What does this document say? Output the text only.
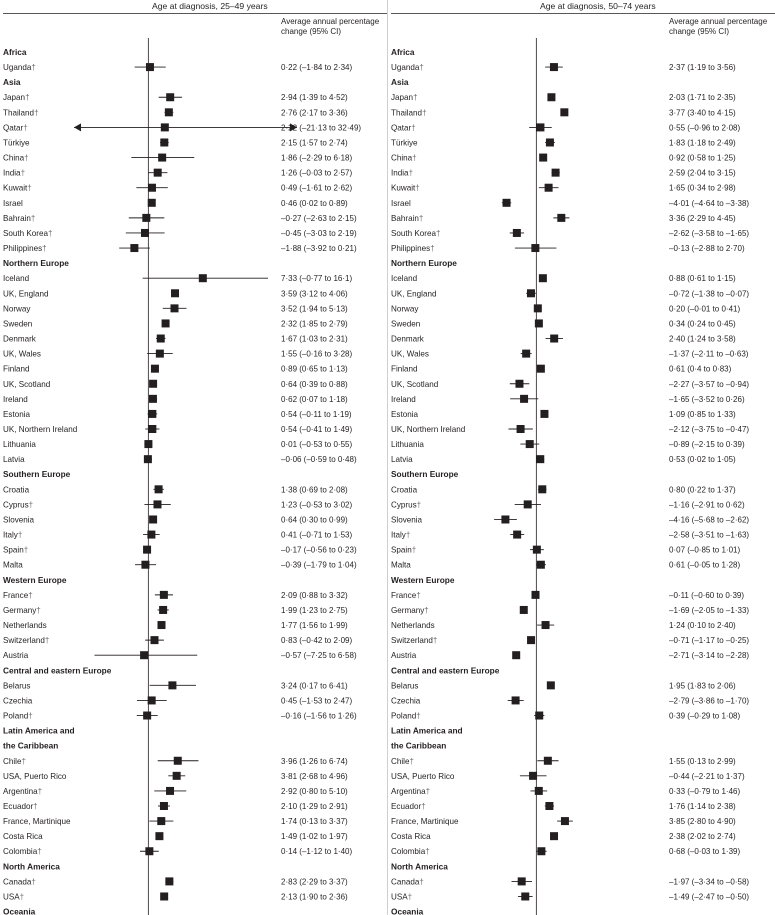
Age at diagnosis, 25–49 years
Average annual percentage
change (95% CI)
Africa
Uganda†	0·22 (–1·84 to 2·34)
Asia
Japan†	2·94 (1·39 to 4·52)
Thailand†	2·76 (2·17 to 3·36)
Qatar†	2·22 (–21·13 to 32·49)
Türkiye	2·15 (1·57 to 2·74)
China†	1·86 (–2·29 to 6·18)
India†	1·26 (–0·03 to 2·57)
Kuwait†	0·49 (–1·61 to 2·62)
Israel	0·46 (0·02 to 0·89)
Bahrain†	–0·27 (–2·63 to 2·15)
South Korea†	–0·45 (–3·03 to 2·19)
Philippines†	–1·88 (–3·92 to 0·21)
Northern Europe
Iceland	7·33 (–0·77 to 16·1)
UK, England	3·59 (3·12 to 4·06)
Norway	3·52 (1·94 to 5·13)
Sweden	2·32 (1·85 to 2·79)
Denmark	1·67 (1·03 to 2·31)
UK, Wales	1·55 (–0·16 to 3·28)
Finland	0·89 (0·65 to 1·13)
UK, Scotland	0·64 (0·39 to 0·88)
Ireland	0·62 (0·07 to 1·18)
Estonia	0·54 (–0·11 to 1·19)
UK, Northern Ireland	0·54 (–0·41 to 1·49)
Lithuania	0·01 (–0·53 to 0·55)
Latvia	–0·06 (–0·59 to 0·48)
Southern Europe
Croatia	1·38 (0·69 to 2·08)
Cyprus†	1·23 (–0·53 to 3·02)
Slovenia	0·64 (0·30 to 0·99)
Italy†	0·41 (–0·71 to 1·53)
Spain†	–0·17 (–0·56 to 0·23)
Malta	–0·39 (–1·79 to 1·04)
Western Europe
France†	2·09 (0·88 to 3·32)
Germany†	1·99 (1·23 to 2·75)
Netherlands	1·77 (1·56 to 1·99)
Switzerland†	0·83 (–0·42 to 2·09)
Austria	–0·57 (–7·25 to 6·58)
Central and eastern Europe
Belarus	3·24 (0·17 to 6·41)
Czechia	0·45 (–1·53 to 2·47)
Poland†	–0·16 (–1·56 to 1·26)
Latin America and
the Caribbean
Chile†	3·96 (1·26 to 6·74)
USA, Puerto Rico	3·81 (2·68 to 4·96)
Argentina†	2·92 (0·80 to 5·10)
Ecuador†	2·10 (1·29 to 2·91)
France, Martinique	1·74 (0·13 to 3·37)
Costa Rica	1·49 (1·02 to 1·97)
Colombia†	0·14 (–1·12 to 1·40)
North America
Canada†	2·83 (2·29 to 3·37)
USA†	2·13 (1·90 to 2·36)
Oceania
Age at diagnosis, 50–74 years
Average annual percentage
change (95% CI)
Africa
Uganda†	2·37 (1·19 to 3·56)
Asia
Japan†	2·03 (1·71 to 2·35)
Thailand†	3·77 (3·40 to 4·15)
Qatar†	0·55 (–0·96 to 2·08)
Türkiye	1·83 (1·18 to 2·49)
China†	0·92 (0·58 to 1·25)
India†	2·59 (2·04 to 3·15)
Kuwait†	1·65 (0·34 to 2·98)
Israel	–4·01 (–4·64 to –3·38)
Bahrain†	3·36 (2·29 to 4·45)
South Korea†	–2·62 (–3·58 to –1·65)
Philippines†	–0·13 (–2·88 to 2·70)
Northern Europe
Iceland	0·88 (0·61 to 1·15)
UK, England	–0·72 (–1·38 to –0·07)
Norway	0·20 (–0·01 to 0·41)
Sweden	0·34 (0·24 to 0·45)
Denmark	2·40 (1·24 to 3·58)
UK, Wales	–1·37 (–2·11 to –0·63)
Finland	0·61 (0·4 to 0·83)
UK, Scotland	–2·27 (–3·57 to –0·94)
Ireland	–1·65 (–3·52 to 0·26)
Estonia	1·09 (0·85 to 1·33)
UK, Northern Ireland	–2·12 (–3·75 to –0·47)
Lithuania	–0·89 (–2·15 to 0·39)
Latvia	0·53 (0·02 to 1·05)
Southern Europe
Croatia	0·80 (0·22 to 1·37)
Cyprus†	–1·16 (–2·91 to 0·62)
Slovenia	–4·16 (–5·68 to –2·62)
Italy†	–2·58 (–3·51 to –1·63)
Spain†	0·07 (–0·85 to 1·01)
Malta	0·61 (–0·05 to 1·28)
Western Europe
France†	–0·11 (–0·60 to 0·39)
Germany†	–1·69 (–2·05 to –1·33)
Netherlands	1·24 (0·10 to 2·40)
Switzerland†	–0·71 (–1·17 to –0·25)
Austria	–2·71 (–3·14 to –2·28)
Central and eastern Europe
Belarus	1·95 (1·83 to 2·06)
Czechia	–2·79 (–3·86 to –1·70)
Poland†	0·39 (–0·29 to 1·08)
Latin America and
the Caribbean
Chile†	1·55 (0·13 to 2·99)
USA, Puerto Rico	–0·44 (–2·21 to 1·37)
Argentina†	0·33 (–0·79 to 1·46)
Ecuador†	1·76 (1·14 to 2·38)
France, Martinique	3·85 (2·80 to 4·90)
Costa Rica	2·38 (2·02 to 2·74)
Colombia†	0·68 (–0·03 to 1·39)
North America
Canada†	–1·97 (–3·34 to –0·58)
USA†	–1·49 (–2·47 to –0·50)
Oceania
